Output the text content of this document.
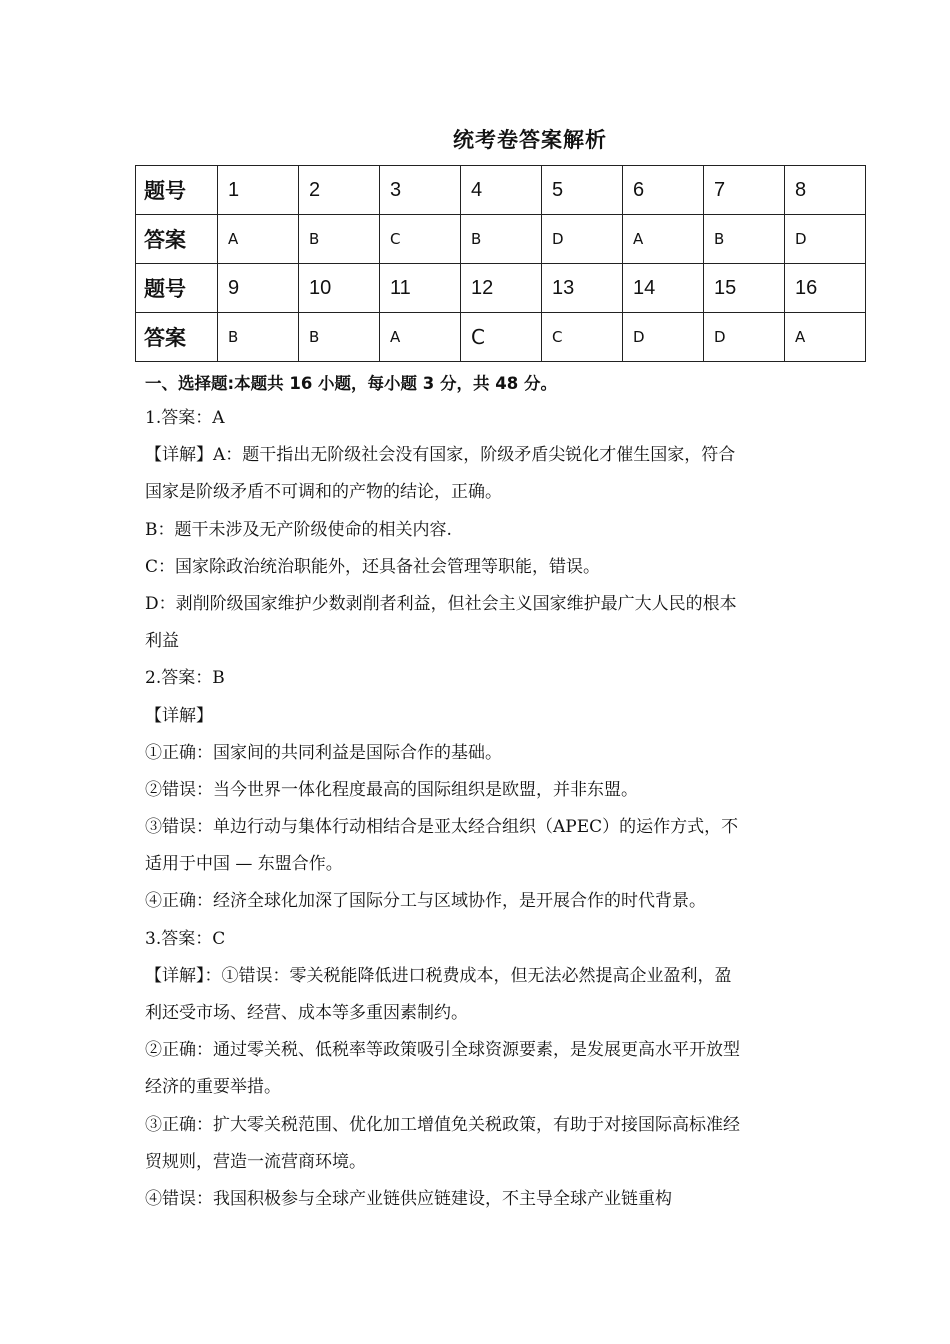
统考卷答案解析
题号	1	2	3	4	5	6	7	8
答案	A	B	C	B	D	A	B	D
题号	9	10	11	12	13	14	15	16
答案	B	B	A	C	C	D	D	A
一、选择题:本题共 16 小题，每小题 3 分，共 48 分。
1.答案：A
【详解】A：题干指出无阶级社会没有国家，阶级矛盾尖锐化才催生国家，符合
国家是阶级矛盾不可调和的产物的结论，正确。
B：题干未涉及无产阶级使命的相关内容.
C：国家除政治统治职能外，还具备社会管理等职能，错误。
D：剥削阶级国家维护少数剥削者利益，但社会主义国家维护最广大人民的根本
利益
2.答案：B
【详解】
①正确：国家间的共同利益是国际合作的基础。
②错误：当今世界一体化程度最高的国际组织是欧盟，并非东盟。
③错误：单边行动与集体行动相结合是亚太经合组织（APEC）的运作方式，不
适用于中国 — 东盟合作。
④正确：经济全球化加深了国际分工与区域协作，是开展合作的时代背景。
3.答案：C
【详解】：①错误：零关税能降低进口税费成本，但无法必然提高企业盈利，盈
利还受市场、经营、成本等多重因素制约。
②正确：通过零关税、低税率等政策吸引全球资源要素，是发展更高水平开放型
经济的重要举措。
③正确：扩大零关税范围、优化加工增值免关税政策，有助于对接国际高标准经
贸规则，营造一流营商环境。
④错误：我国积极参与全球产业链供应链建设，不主导全球产业链重构
